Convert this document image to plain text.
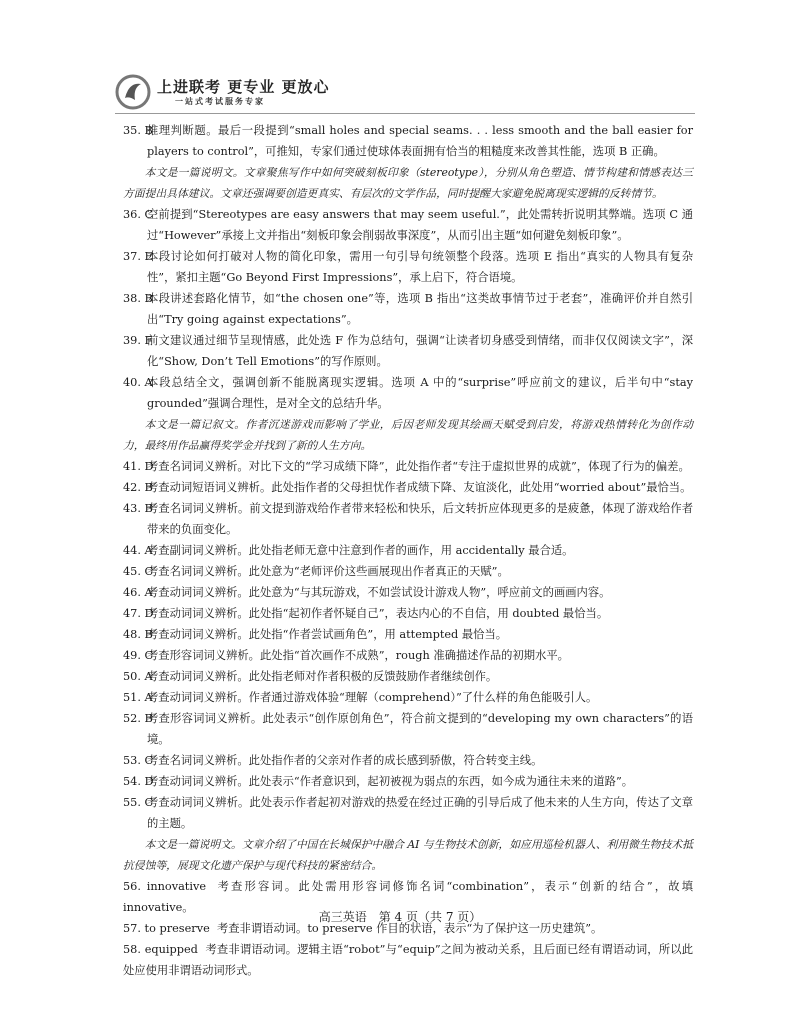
上进联考 更专业 更放心
一站式考试服务专家
35. B
推理判断题。最后一段提到“small holes and special seams. . . less smooth and the ball easier for players to control”，可推知，专家们通过使球体表面拥有恰当的粗糙度来改善其性能，选项 B 正确。

本文是一篇说明文。文章聚焦写作中如何突破刻板印象（stereotype），分别从角色塑造、情节构建和情感表达三方面提出具体建议。文章还强调要创造更真实、有层次的文学作品，同时提醒大家避免脱离现实逻辑的反转情节。

36. C
空前提到“Stereotypes are easy answers that may seem useful.”，此处需转折说明其弊端。选项 C 通过“However”承接上文并指出“刻板印象会削弱故事深度”，从而引出主题“如何避免刻板印象”。
37. E
本段讨论如何打破对人物的简化印象，需用一句引导句统领整个段落。选项 E 指出“真实的人物具有复杂性”，紧扣主题“Go Beyond First Impressions”，承上启下，符合语境。
38. B
本段讲述套路化情节，如“the chosen one”等，选项 B 指出“这类故事情节过于老套”，准确评价并自然引出“Try going against expectations”。
39. F
前文建议通过细节呈现情感，此处选 F 作为总结句，强调“让读者切身感受到情绪，而非仅仅阅读文字”，深化“Show, Don’t Tell Emotions”的写作原则。
40. A
本段总结全文，强调创新不能脱离现实逻辑。选项 A 中的“surprise”呼应前文的建议，后半句中“stay grounded”强调合理性，是对全文的总结升华。

本文是一篇记叙文。作者沉迷游戏而影响了学业，后因老师发现其绘画天赋受到启发，将游戏热情转化为创作动力，最终用作品赢得奖学金并找到了新的人生方向。

41. D
考查名词词义辨析。对比下文的“学习成绩下降”，此处指作者“专注于虚拟世界的成就”，体现了行为的偏差。
42. B
考查动词短语词义辨析。此处指作者的父母担忧作者成绩下降、友谊淡化，此处用“worried about”最恰当。
43. B
考查名词词义辨析。前文提到游戏给作者带来轻松和快乐，后文转折应体现更多的是疲惫，体现了游戏给作者带来的负面变化。
44. A
考查副词词义辨析。此处指老师无意中注意到作者的画作，用 accidentally 最合适。
45. C
考查名词词义辨析。此处意为“老师评价这些画展现出作者真正的天赋”。
46. A
考查动词词义辨析。此处意为“与其玩游戏，不如尝试设计游戏人物”，呼应前文的画画内容。
47. D
考查动词词义辨析。此处指“起初作者怀疑自己”，表达内心的不自信，用 doubted 最恰当。
48. B
考查动词词义辨析。此处指“作者尝试画角色”，用 attempted 最恰当。
49. C
考查形容词词义辨析。此处指“首次画作不成熟”，rough 准确描述作品的初期水平。
50. A
考查动词词义辨析。此处指老师对作者积极的反馈鼓励作者继续创作。
51. A
考查动词词义辨析。作者通过游戏体验“理解（comprehend）”了什么样的角色能吸引人。
52. B
考查形容词词义辨析。此处表示“创作原创角色”，符合前文提到的“developing my own characters”的语境。
53. C
考查名词词义辨析。此处指作者的父亲对作者的成长感到骄傲，符合转变主线。
54. D
考查动词词义辨析。此处表示“作者意识到，起初被视为弱点的东西，如今成为通往未来的道路”。
55. C
考查动词词义辨析。此处表示作者起初对游戏的热爱在经过正确的引导后成了他未来的人生方向，传达了文章的主题。

本文是一篇说明文。文章介绍了中国在长城保护中融合 AI 与生物技术创新，如应用巡检机器人、利用微生物技术抵抗侵蚀等，展现文化遗产保护与现代科技的紧密结合。

56. innovative 考查形容词。此处需用形容词修饰名词“combination”，表示“创新的结合”，故填 innovative。
57. to preserve 考查非谓语动词。to preserve 作目的状语，表示“为了保护这一历史建筑”。
58. equipped 考查非谓语动词。逻辑主语“robot”与“equip”之间为被动关系，且后面已经有谓语动词，所以此处应使用非谓语动词形式。
高三英语　第 4 页（共 7 页）
